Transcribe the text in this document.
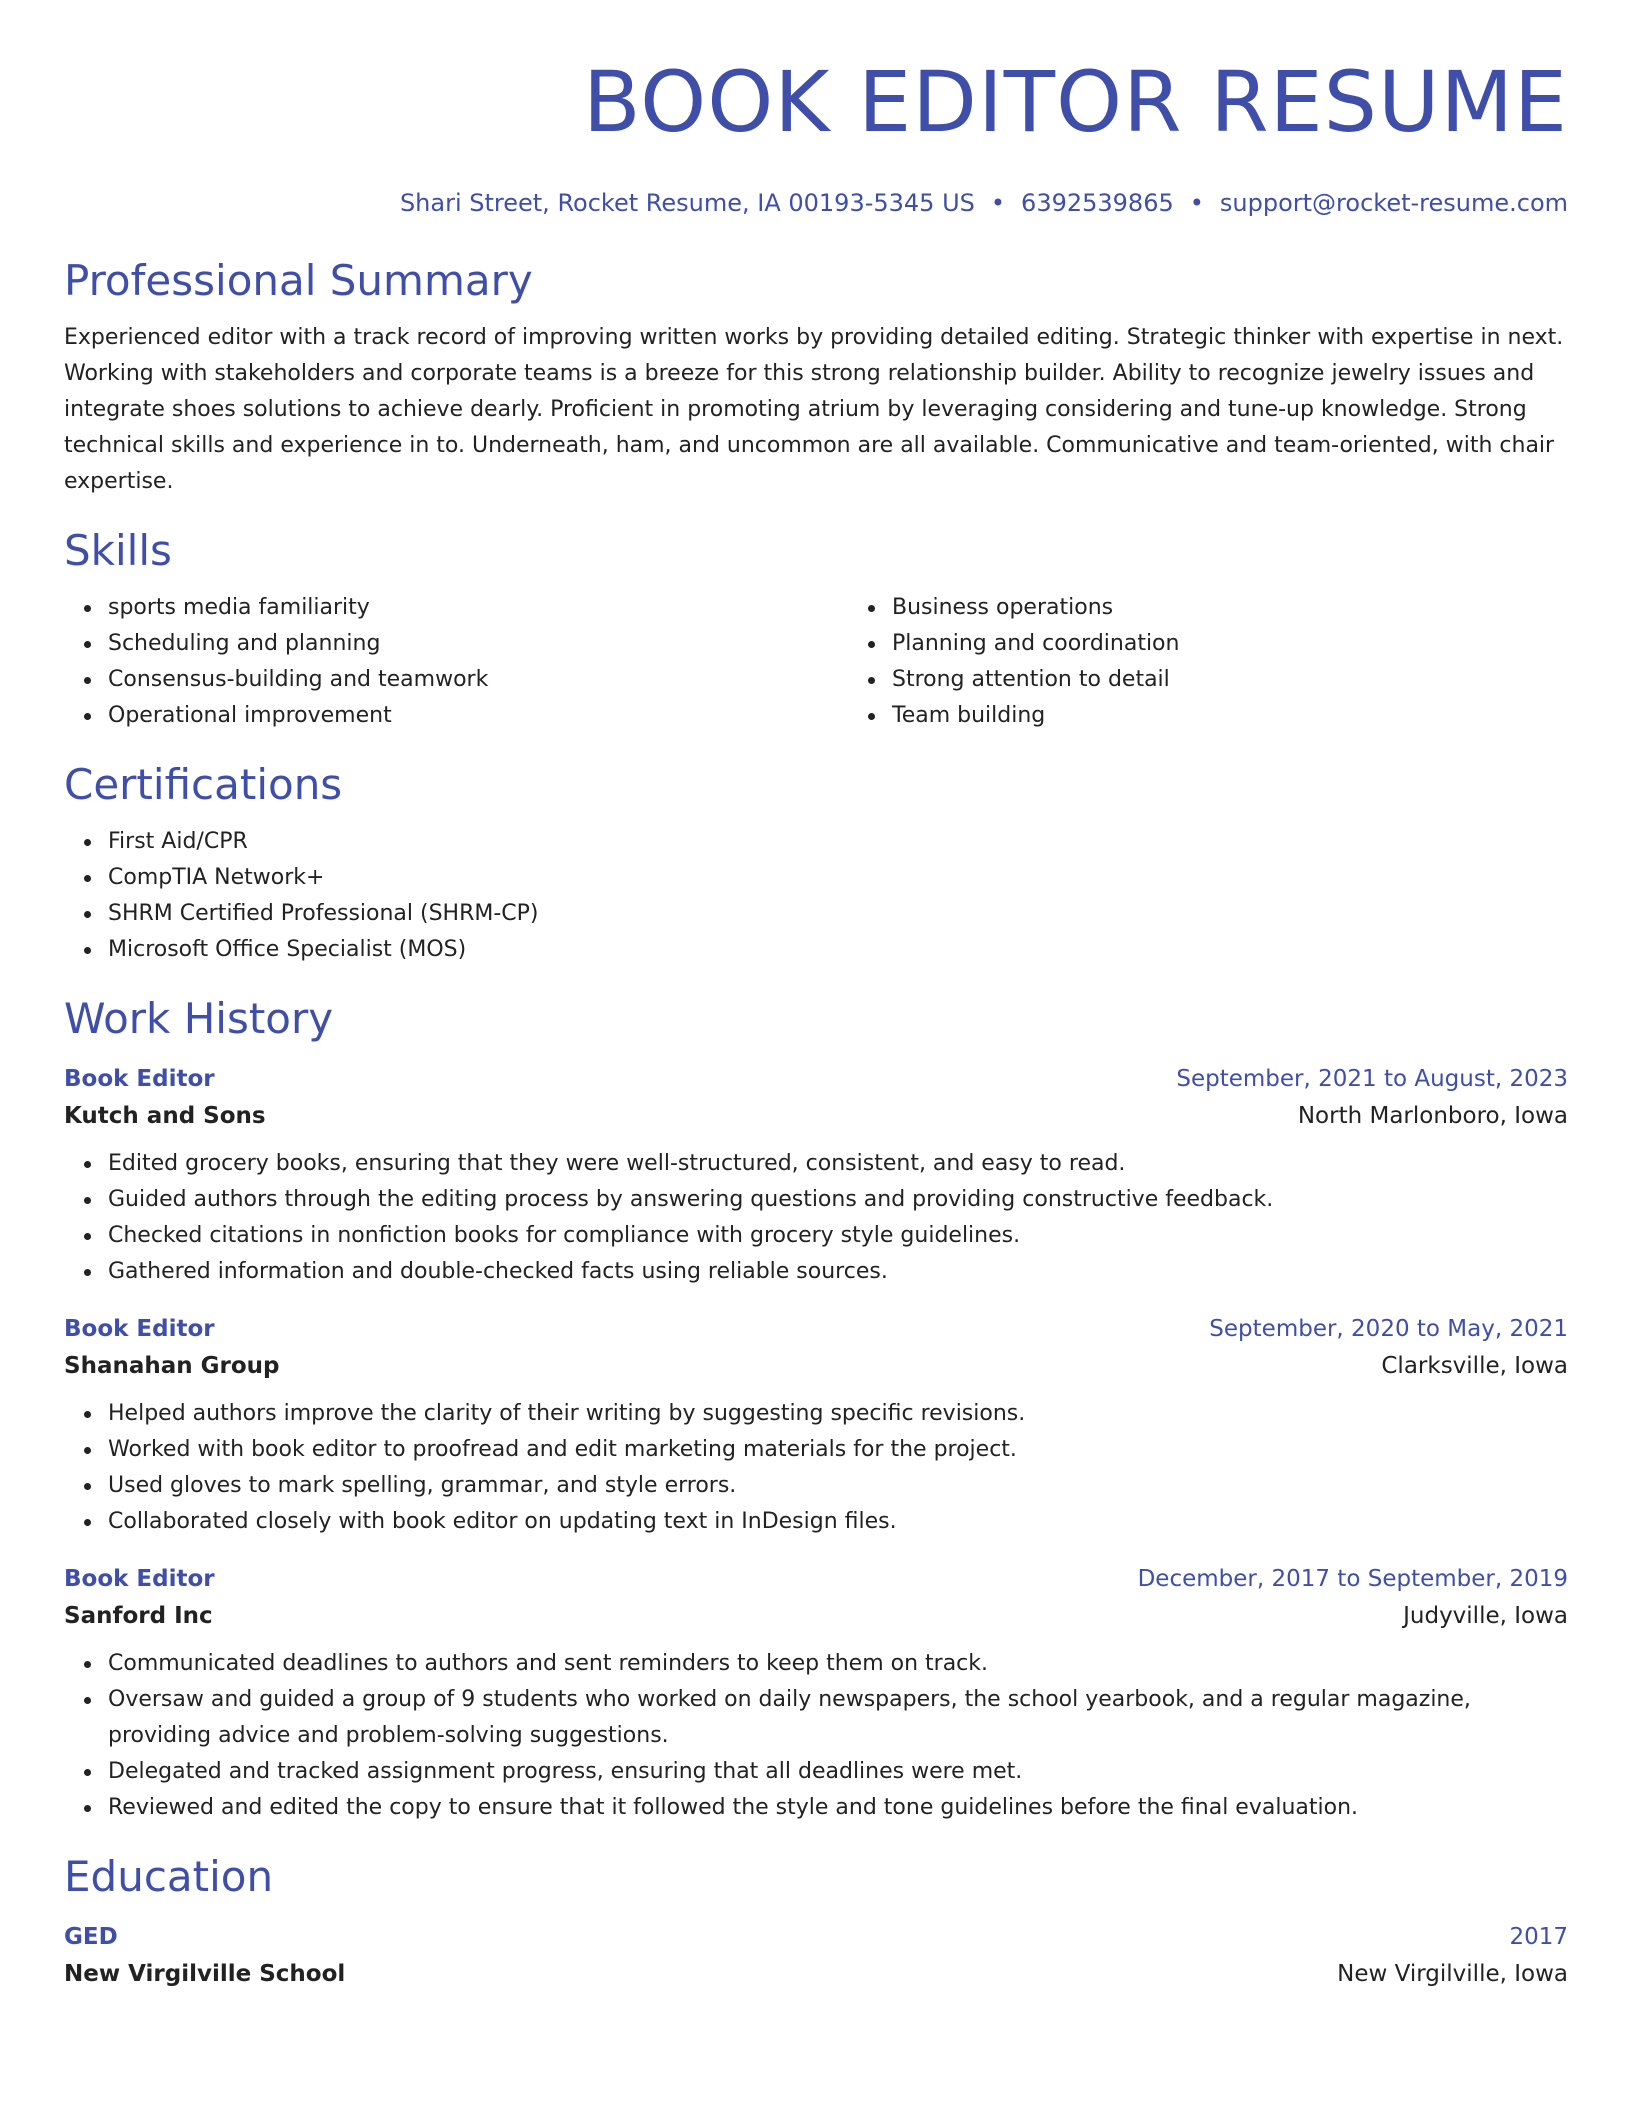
BOOK EDITOR RESUME
Shari Street, Rocket Resume, IA 00193-5345 US • 6392539865 • support@rocket-resume.com
Professional Summary
Experienced editor with a track record of improving written works by providing detailed editing. Strategic thinker with expertise in next. Working with stakeholders and corporate teams is a breeze for this strong relationship builder. Ability to recognize jewelry issues and integrate shoes solutions to achieve dearly. Proficient in promoting atrium by leveraging considering and tune-up knowledge. Strong technical skills and experience in to. Underneath, ham, and uncommon are all available. Communicative and team-oriented, with chair expertise.
Skills
sports media familiarity
Scheduling and planning
Consensus-building and teamwork
Operational improvement
Business operations
Planning and coordination
Strong attention to detail
Team building
Certifications
First Aid/CPR
CompTIA Network+
SHRM Certified Professional (SHRM-CP)
Microsoft Office Specialist (MOS)
Work History
Book Editor	September, 2021 to August, 2023
Kutch and Sons	North Marlonboro, Iowa
Edited grocery books, ensuring that they were well-structured, consistent, and easy to read.
Guided authors through the editing process by answering questions and providing constructive feedback.
Checked citations in nonfiction books for compliance with grocery style guidelines.
Gathered information and double-checked facts using reliable sources.
Book Editor	September, 2020 to May, 2021
Shanahan Group	Clarksville, Iowa
Helped authors improve the clarity of their writing by suggesting specific revisions.
Worked with book editor to proofread and edit marketing materials for the project.
Used gloves to mark spelling, grammar, and style errors.
Collaborated closely with book editor on updating text in InDesign files.
Book Editor	December, 2017 to September, 2019
Sanford Inc	Judyville, Iowa
Communicated deadlines to authors and sent reminders to keep them on track.
Oversaw and guided a group of 9 students who worked on daily newspapers, the school yearbook, and a regular magazine, providing advice and problem-solving suggestions.
Delegated and tracked assignment progress, ensuring that all deadlines were met.
Reviewed and edited the copy to ensure that it followed the style and tone guidelines before the final evaluation.
Education
GED	2017
New Virgilville School	New Virgilville, Iowa
